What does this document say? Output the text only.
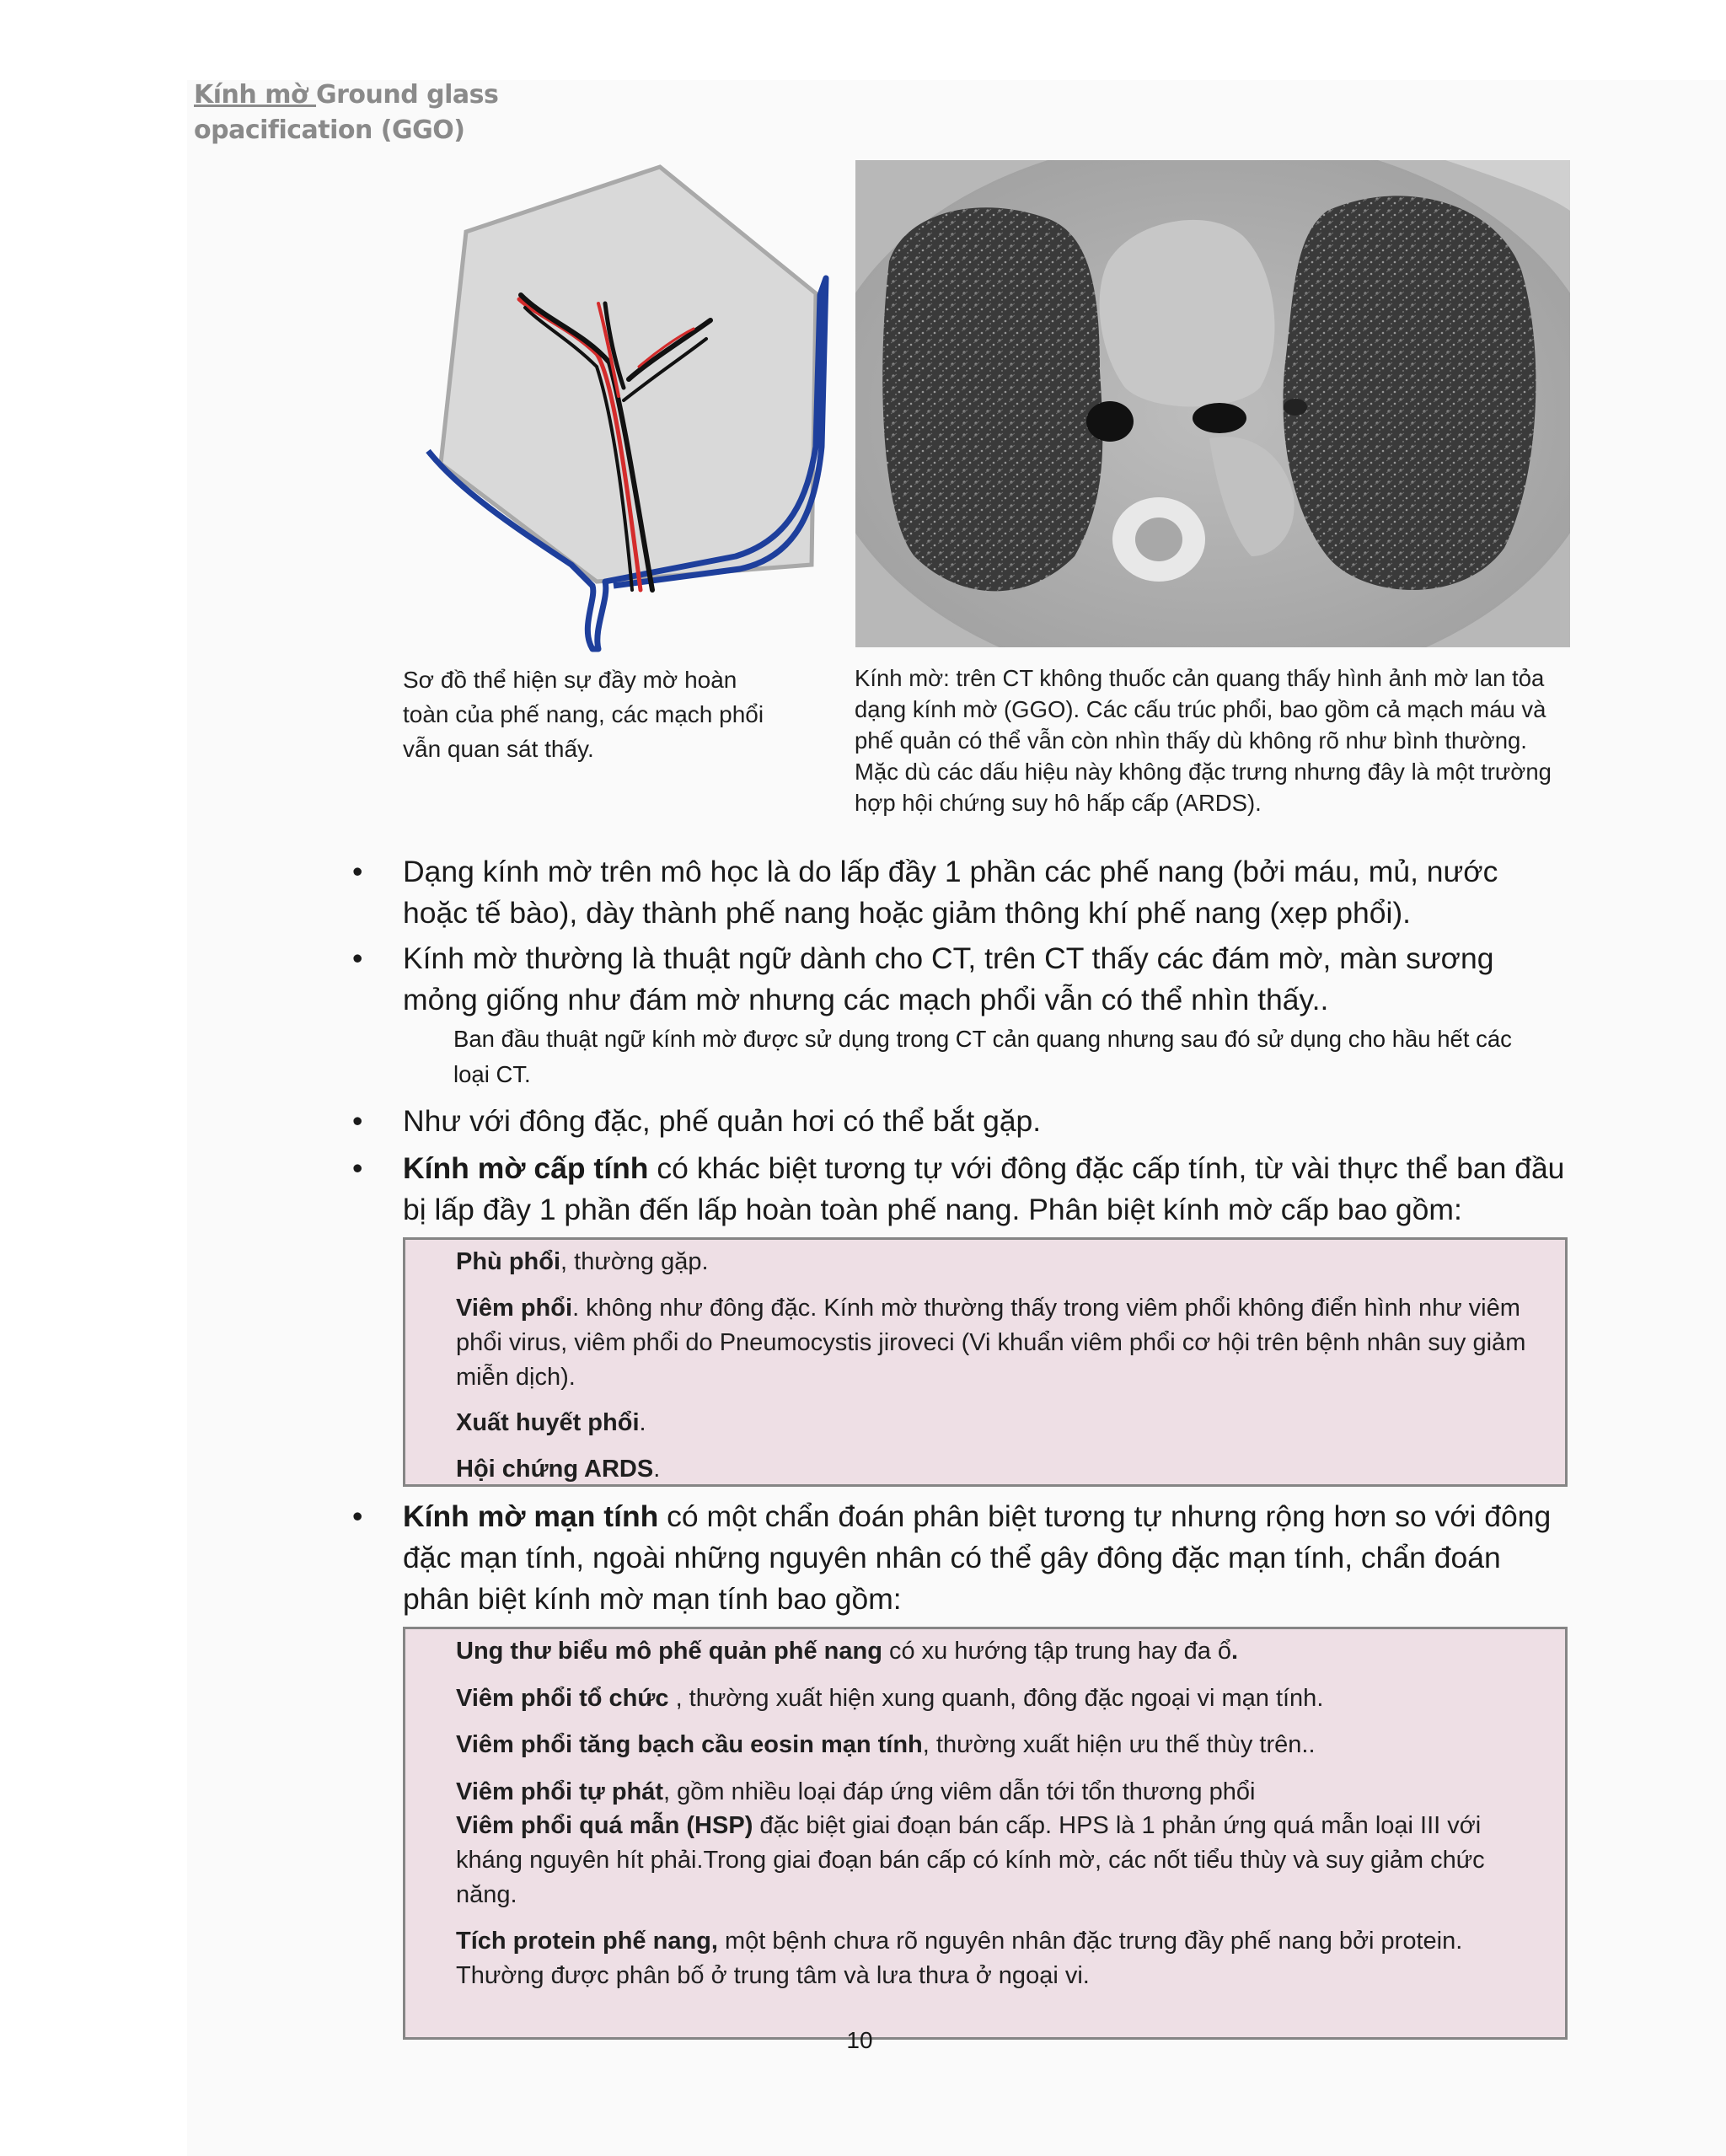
Kính mờ Ground glass opacification (GGO)
Sơ đồ thể hiện sự đầy mờ hoàn toàn của phế nang, các mạch phổi vẫn quan sát thấy.
Kính mờ: trên CT không thuốc cản quang thấy hình ảnh mờ lan tỏa dạng kính mờ (GGO). Các cấu trúc phổi, bao gồm cả mạch máu và phế quản có thể vẫn còn nhìn thấy dù không rõ như bình thường. Mặc dù các dấu hiệu này không đặc trưng nhưng đây là một trường hợp hội chứng suy hô hấp cấp (ARDS).
•	Dạng kính mờ trên mô học là do lấp đầy 1 phần các phế nang (bởi máu, mủ, nước hoặc tế bào), dày thành phế nang hoặc giảm thông khí phế nang (xẹp phổi).
•	Kính mờ thường là thuật ngữ dành cho CT, trên CT thấy các đám mờ, màn sương mỏng giống như đám mờ nhưng các mạch phổi vẫn có thể nhìn thấy..
Ban đầu thuật ngữ kính mờ được sử dụng trong CT cản quang nhưng sau đó sử dụng cho hầu hết các loại CT.
•	Như với đông đặc, phế quản hơi có thể bắt gặp.
•	Kính mờ cấp tính có khác biệt tương tự với đông đặc cấp tính, từ vài thực thể ban đầu bị lấp đầy 1 phần đến lấp hoàn toàn phế nang. Phân biệt kính mờ cấp bao gồm:
Phù phổi, thường gặp.
Viêm phổi. không như đông đặc. Kính mờ thường thấy trong viêm phổi không điển hình như viêm phổi virus, viêm phổi do Pneumocystis jiroveci (Vi khuẩn viêm phổi cơ hội trên bệnh nhân suy giảm miễn dịch).
Xuất huyết phổi.
Hội chứng ARDS.
•	Kính mờ mạn tính có một chẩn đoán phân biệt tương tự nhưng rộng hơn so với đông đặc mạn tính, ngoài những nguyên nhân có thể gây đông đặc mạn tính, chẩn đoán phân biệt kính mờ mạn tính bao gồm:
Ung thư biểu mô phế quản phế nang có xu hướng tập trung hay đa ổ.
Viêm phổi tổ chức , thường xuất hiện xung quanh, đông đặc ngoại vi mạn tính.
Viêm phổi tăng bạch cầu eosin mạn tính, thường xuất hiện ưu thế thùy trên..
Viêm phổi tự phát, gồm nhiều loại đáp ứng viêm dẫn tới tổn thương phổi
Viêm phổi quá mẫn (HSP) đặc biệt giai đoạn bán cấp. HPS là 1 phản ứng quá mẫn loại III với kháng nguyên hít phải.Trong giai đoạn bán cấp có kính mờ, các nốt tiểu thùy và suy giảm chức năng.
Tích protein phế nang, một bệnh chưa rõ nguyên nhân đặc trưng đầy phế nang bởi protein. Thường được phân bố ở trung tâm và lưa thưa ở ngoại vi.
10
